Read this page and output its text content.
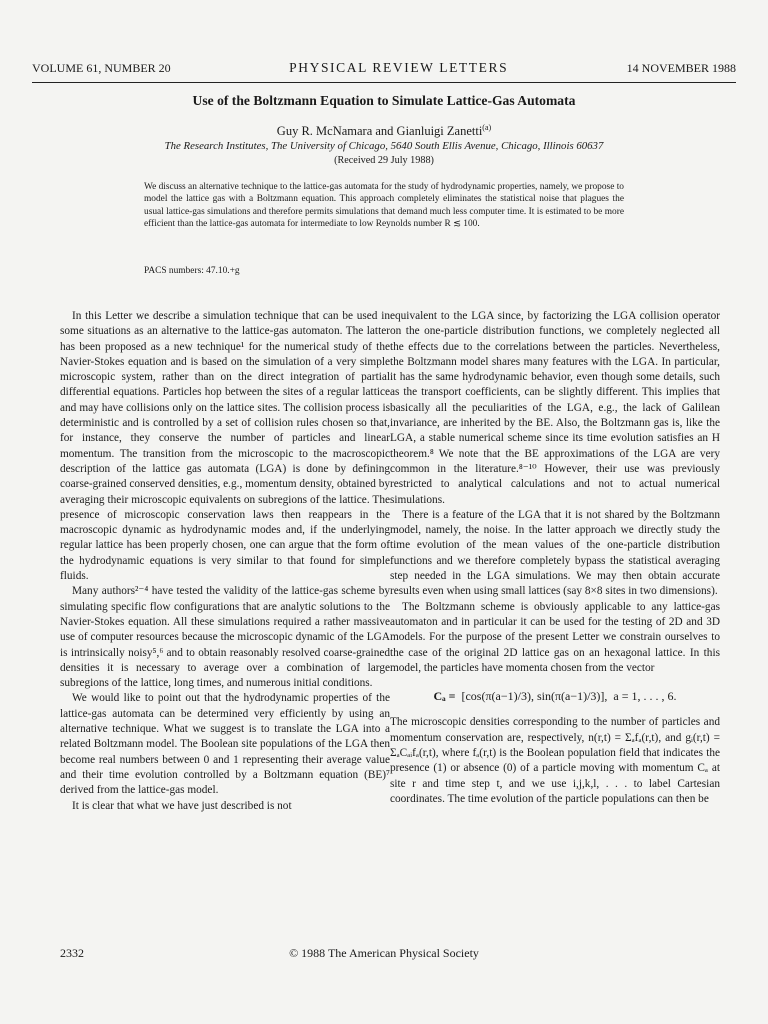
VOLUME 61, NUMBER 20	PHYSICAL REVIEW LETTERS	14 NOVEMBER 1988
Use of the Boltzmann Equation to Simulate Lattice-Gas Automata
Guy R. McNamara and Gianluigi Zanetti$^{(a)}$
The Research Institutes, The University of Chicago, 5640 South Ellis Avenue, Chicago, Illinois 60637
(Received 29 July 1988)

We discuss an alternative technique to the lattice-gas automata for the study of hydrodynamic properties, namely, we propose to model the lattice gas with a Boltzmann equation. This approach completely eliminates the statistical noise that plagues the usual lattice-gas simulations and therefore permits simulations that demand much less computer time. It is estimated to be more efficient than the lattice-gas automata for intermediate to low Reynolds number R ≲ 100.

PACS numbers: 47.10.+g

In this Letter we describe a simulation technique that can be used in some situations as an alternative to the lattice-gas automaton. The latter has been proposed as a new technique¹ for the numerical study of the Navier-Stokes equation and is based on the simulation of a very simple microscopic system, rather than on the direct integration of partial differential equations. Particles hop between the sites of a regular lattice and may have collisions only on the lattice sites. The collision process is deterministic and is controlled by a set of collision rules chosen so that, for instance, they conserve the number of particles and linear momentum. The transition from the microscopic to the macroscopic description of the lattice gas automata (LGA) is done by defining coarse-grained conserved densities, e.g., momentum density, obtained by averaging their microscopic equivalents on subregions of the lattice. The presence of microscopic conservation laws then reappears in the macroscopic dynamic as hydrodynamic modes and, if the underlying regular lattice has been properly chosen, one can argue that the form of the hydrodynamic equations is very similar to that found for simple fluids.

Many authors²⁻⁴ have tested the validity of the lattice-gas scheme by simulating specific flow configurations that are analytic solutions to the Navier-Stokes equation. All these simulations required a rather massive use of computer resources because the microscopic dynamic of the LGA is intrinsically noisy⁵,⁶ and to obtain reasonably resolved coarse-grained densities it is necessary to average over a combination of large subregions of the lattice, long times, and numerous initial conditions.

We would like to point out that the hydrodynamic properties of the lattice-gas automata can be determined very efficiently by using an alternative technique. What we suggest is to translate the LGA into a related Boltzmann model. The Boolean site populations of the LGA then become real numbers between 0 and 1 representing their average value and their time evolution controlled by a Boltzmann equation (BE)⁷ derived from the lattice-gas model.

It is clear that what we have just described is not

equivalent to the LGA since, by factorizing the LGA collision operator on the one-particle distribution functions, we completely neglected all the effects due to the correlations between the particles. Nevertheless, the Boltzmann model shares many features with the LGA. In particular, it has the same hydrodynamic behavior, even though some details, such as the transport coefficients, can be slightly different. This implies that basically all the peculiarities of the LGA, e.g., the lack of Galilean invariance, are inherited by the BE. Also, the Boltzmann gas is, like the LGA, a stable numerical scheme since its time evolution satisfies an H theorem.⁸ We note that the BE approximations of the LGA are very common in the literature.⁸⁻¹⁰ However, their use was previously restricted to analytical calculations and not to actual numerical simulations.

There is a feature of the LGA that it is not shared by the Boltzmann model, namely, the noise. In the latter approach we directly study the time evolution of the mean values of the one-particle distribution functions and we therefore completely bypass the statistical averaging step needed in the LGA simulations. We may then obtain accurate results even when using small lattices (say 8×8 sites in two dimensions).

The Boltzmann scheme is obviously applicable to any lattice-gas automaton and in particular it can be used for the testing of 2D and 3D models. For the purpose of the present Letter we constrain ourselves to the case of the original 2D lattice gas on an hexagonal lattice. In this model, the particles have momenta chosen from the vector

Cₐ = [cos(π(a−1)/3), sin(π(a−1)/3)], a = 1, . . . , 6.

The microscopic densities corresponding to the number of particles and momentum conservation are, respectively, n(r,t) = Σₐfₐ(r,t), and gᵢ(r,t) = ΣₐCₐᵢfₐ(r,t), where fₐ(r,t) is the Boolean population field that indicates the presence (1) or absence (0) of a particle moving with momentum Cₐ at site r and time step t, and we use i,j,k,l, . . . to label Cartesian coordinates. The time evolution of the particle populations can then be

2332	© 1988 The American Physical Society
